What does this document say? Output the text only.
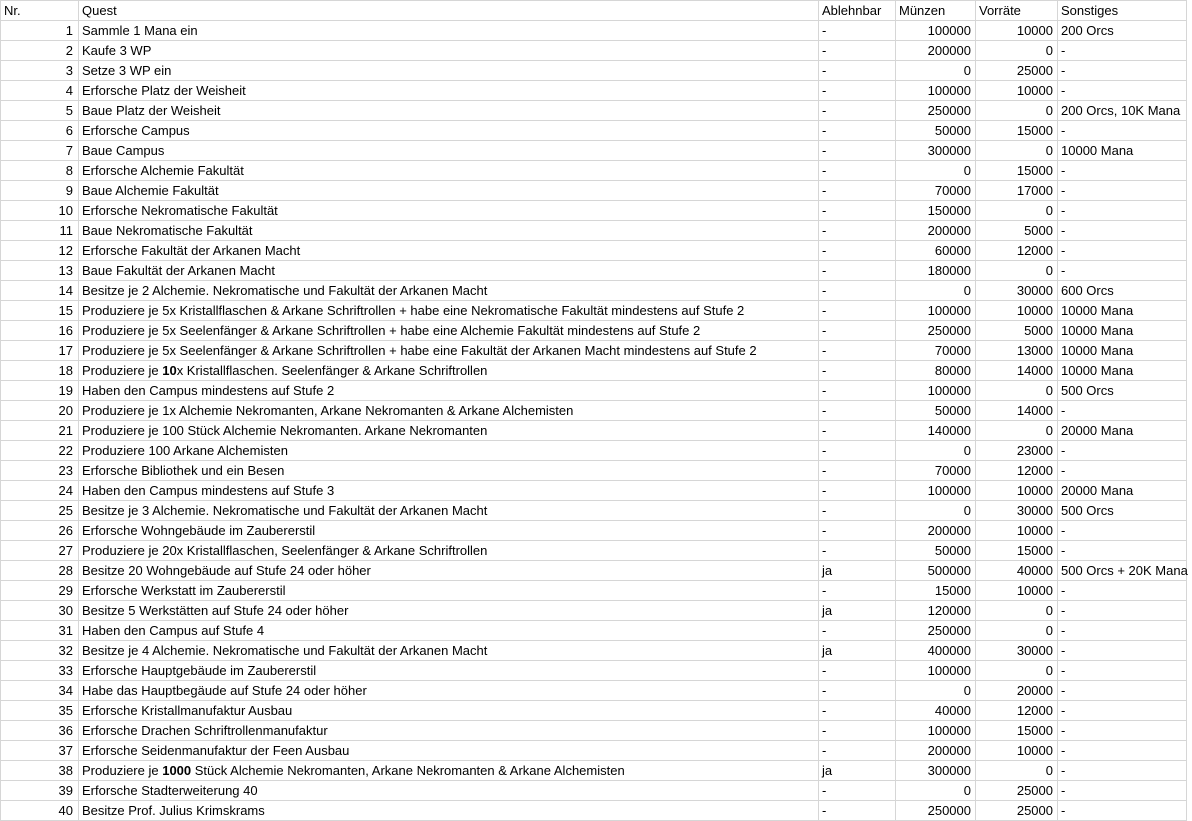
Nr.	Quest	Ablehnbar	Münzen	Vorräte	Sonstiges
1	Sammle 1 Mana ein	-	100000	10000	200 Orcs
2	Kaufe 3 WP	-	200000	0	-
3	Setze 3 WP ein	-	0	25000	-
4	Erforsche Platz der Weisheit	-	100000	10000	-
5	Baue Platz der Weisheit	-	250000	0	200 Orcs, 10K Mana
6	Erforsche Campus	-	50000	15000	-
7	Baue Campus	-	300000	0	10000 Mana
8	Erforsche Alchemie Fakultät	-	0	15000	-
9	Baue Alchemie Fakultät	-	70000	17000	-
10	Erforsche Nekromatische Fakultät	-	150000	0	-
11	Baue Nekromatische Fakultät	-	200000	5000	-
12	Erforsche Fakultät der Arkanen Macht	-	60000	12000	-
13	Baue Fakultät der Arkanen Macht	-	180000	0	-
14	Besitze je 2 Alchemie. Nekromatische und Fakultät der Arkanen Macht	-	0	30000	600 Orcs
15	Produziere je 5x Kristallflaschen & Arkane Schriftrollen + habe eine Nekromatische Fakultät mindestens auf Stufe 2	-	100000	10000	10000 Mana
16	Produziere je 5x Seelenfänger & Arkane Schriftrollen + habe eine Alchemie Fakultät mindestens auf Stufe 2	-	250000	5000	10000 Mana
17	Produziere je 5x Seelenfänger & Arkane Schriftrollen + habe eine Fakultät der Arkanen Macht mindestens auf Stufe 2	-	70000	13000	10000 Mana
18	Produziere je 10x Kristallflaschen. Seelenfänger & Arkane Schriftrollen	-	80000	14000	10000 Mana
19	Haben den Campus mindestens auf Stufe 2	-	100000	0	500 Orcs
20	Produziere je 1x Alchemie Nekromanten, Arkane Nekromanten & Arkane Alchemisten	-	50000	14000	-
21	Produziere je 100 Stück Alchemie Nekromanten. Arkane Nekromanten	-	140000	0	20000 Mana
22	Produziere 100 Arkane Alchemisten	-	0	23000	-
23	Erforsche Bibliothek und ein Besen	-	70000	12000	-
24	Haben den Campus mindestens auf Stufe 3	-	100000	10000	20000 Mana
25	Besitze je 3 Alchemie. Nekromatische und Fakultät der Arkanen Macht	-	0	30000	500 Orcs
26	Erforsche Wohngebäude im Zaubererstil	-	200000	10000	-
27	Produziere je 20x Kristallflaschen, Seelenfänger & Arkane Schriftrollen	-	50000	15000	-
28	Besitze 20 Wohngebäude auf Stufe 24 oder höher	ja	500000	40000	500 Orcs + 20K Mana
29	Erforsche Werkstatt im Zaubererstil	-	15000	10000	-
30	Besitze 5 Werkstätten auf Stufe 24 oder höher	ja	120000	0	-
31	Haben den Campus auf Stufe 4	-	250000	0	-
32	Besitze je 4 Alchemie. Nekromatische und Fakultät der Arkanen Macht	ja	400000	30000	-
33	Erforsche Hauptgebäude im Zaubererstil	-	100000	0	-
34	Habe das Hauptbegäude auf Stufe 24 oder höher	-	0	20000	-
35	Erforsche Kristallmanufaktur Ausbau	-	40000	12000	-
36	Erforsche Drachen Schriftrollenmanufaktur	-	100000	15000	-
37	Erforsche Seidenmanufaktur der Feen Ausbau	-	200000	10000	-
38	Produziere je 1000 Stück Alchemie Nekromanten, Arkane Nekromanten & Arkane Alchemisten	ja	300000	0	-
39	Erforsche Stadterweiterung 40	-	0	25000	-
40	Besitze Prof. Julius Krimskrams	-	250000	25000	-
